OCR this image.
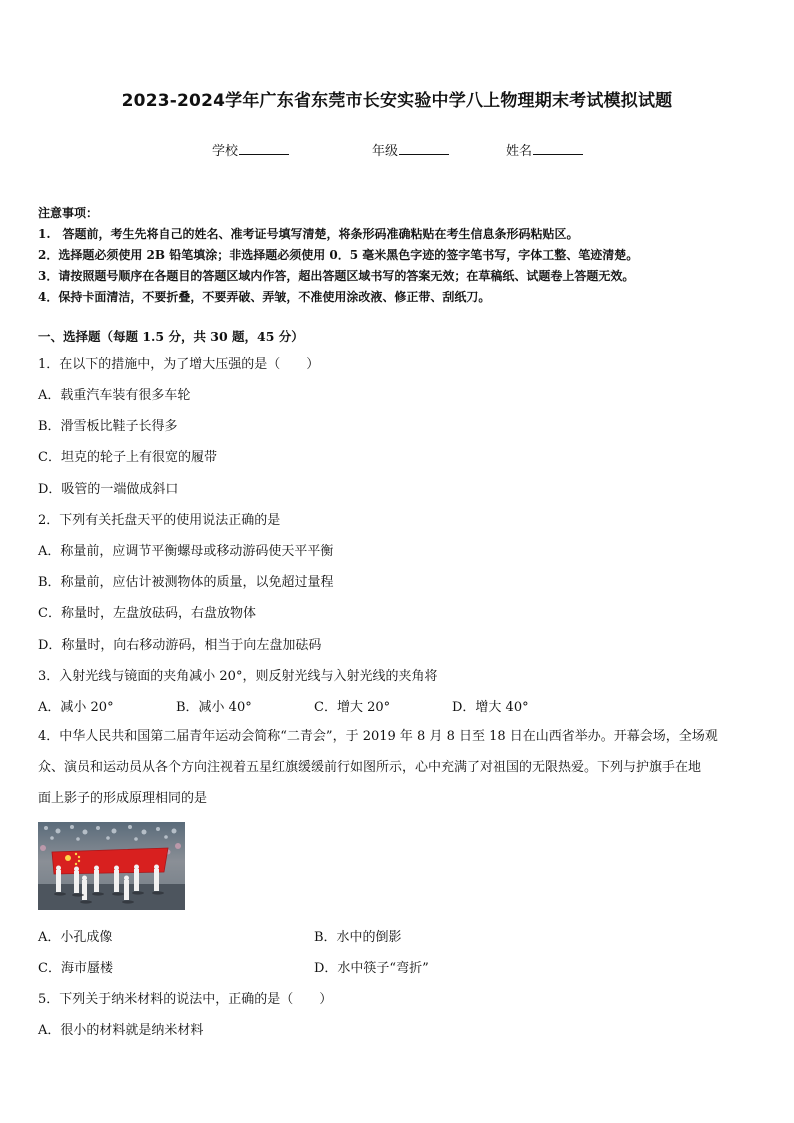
2023-2024学年广东省东莞市长安实验中学八上物理期末考试模拟试题
学校	年级	姓名
注意事项：
1.　答题前，考生先将自己的姓名、准考证号填写清楚，将条形码准确粘贴在考生信息条形码粘贴区。
2．选择题必须使用 2B 铅笔填涂；非选择题必须使用 0．5 毫米黑色字迹的签字笔书写，字体工整、笔迹清楚。
3．请按照题号顺序在各题目的答题区域内作答，超出答题区域书写的答案无效；在草稿纸、试题卷上答题无效。
4．保持卡面清洁，不要折叠，不要弄破、弄皱，不准使用涂改液、修正带、刮纸刀。
一、选择题（每题 1.5 分，共 30 题，45 分）
1．在以下的措施中，为了增大压强的是（　　）
A．载重汽车装有很多车轮
B．滑雪板比鞋子长得多
C．坦克的轮子上有很宽的履带
D．吸管的一端做成斜口
2．下列有关托盘天平的使用说法正确的是
A．称量前，应调节平衡螺母或移动游码使天平平衡
B．称量前，应估计被测物体的质量，以免超过量程
C．称量时，左盘放砝码，右盘放物体
D．称量时，向右移动游码，相当于向左盘加砝码
3．入射光线与镜面的夹角减小 20°，则反射光线与入射光线的夹角将
A．减小 20°	B．减小 40°	C．增大 20°	D．增大 40°
4．中华人民共和国第二届青年运动会简称“二青会”，于 2019 年 8 月 8 日至 18 日在山西省举办。开幕会场，全场观
众、演员和运动员从各个方向注视着五星红旗缓缓前行如图所示，心中充满了对祖国的无限热爱。下列与护旗手在地
面上影子的形成原理相同的是
A．小孔成像	B．水中的倒影
C．海市蜃楼	D．水中筷子“弯折”
5．下列关于纳米材料的说法中，正确的是（　　）
A．很小的材料就是纳米材料
